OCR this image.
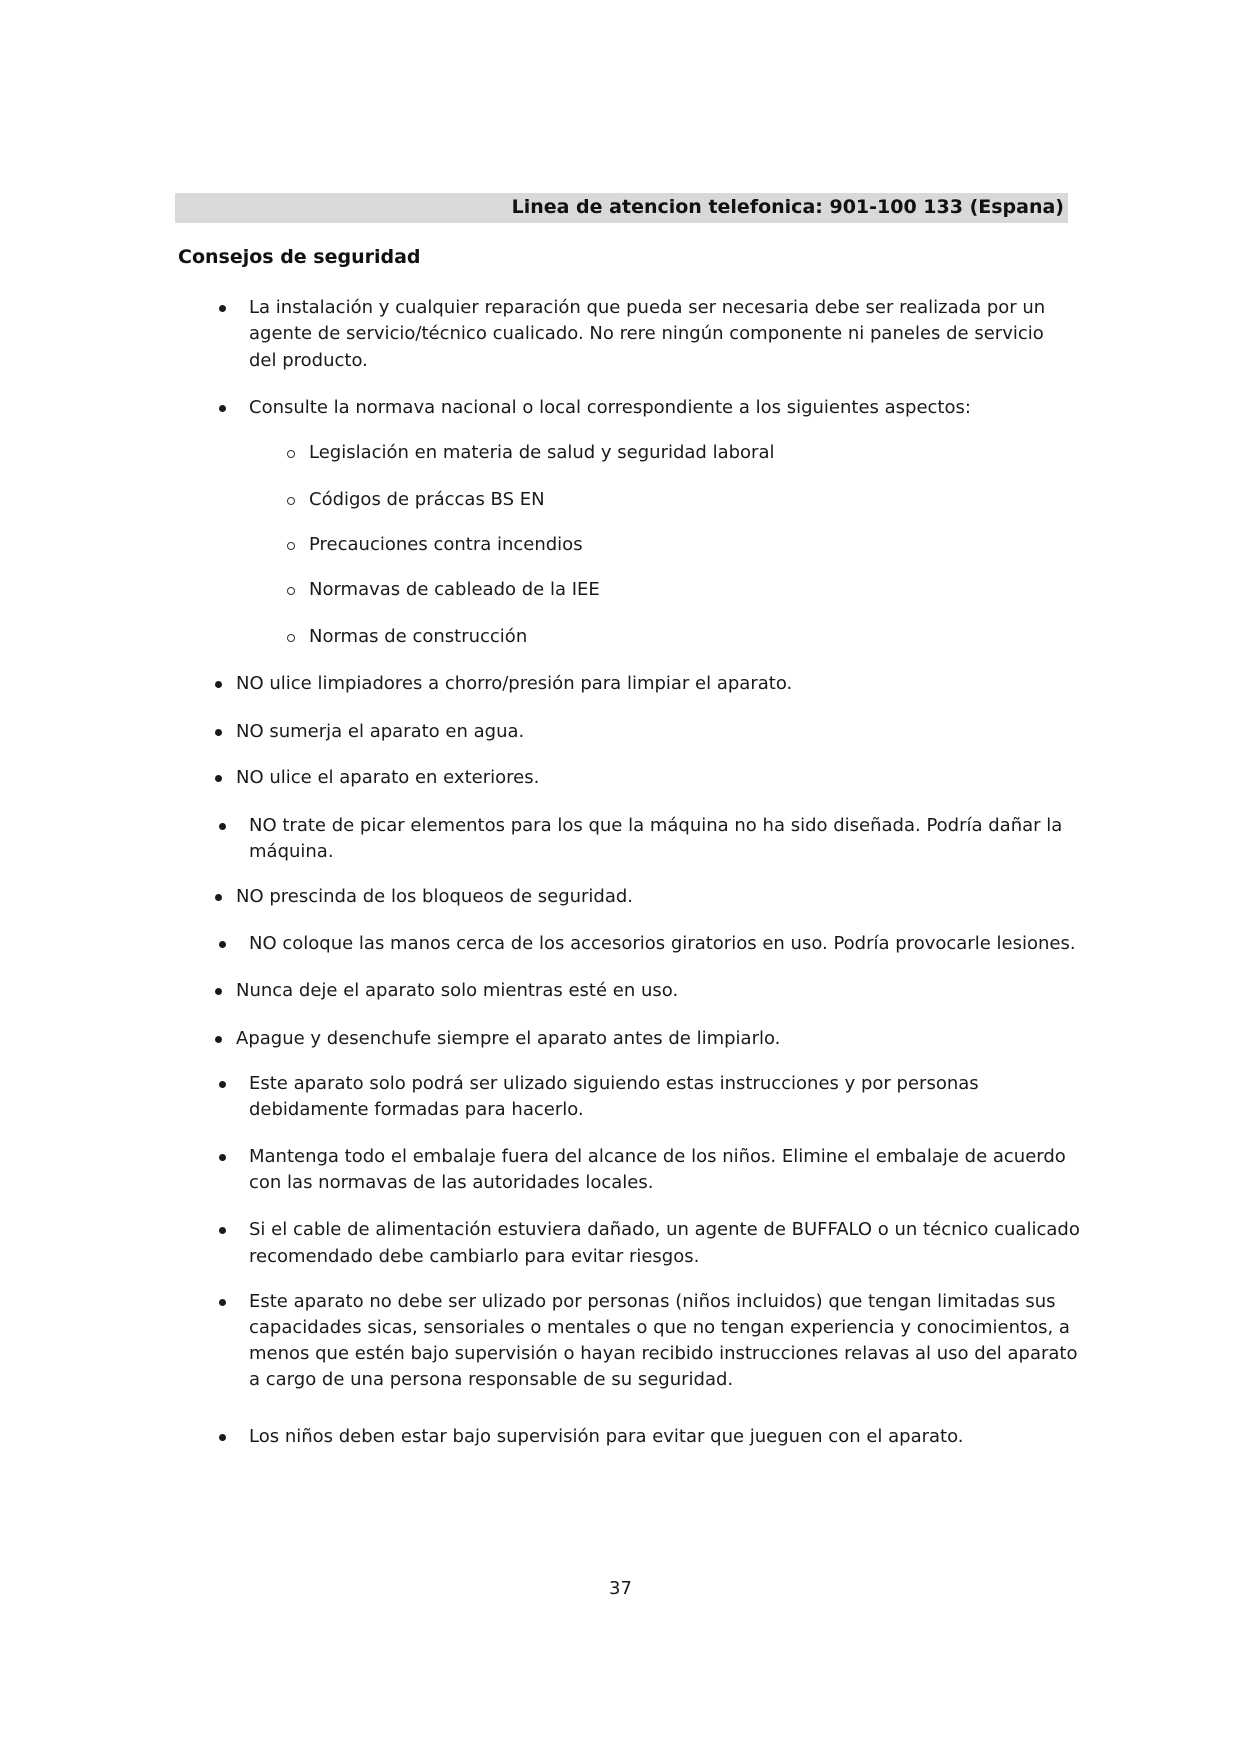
Linea de atencion telefonica: 901-100 133 (Espana)
Consejos de seguridad
La instalación y cualquier reparación que pueda ser necesaria debe ser realizada por un
agente de servicio/técnico cualicado. No rere ningún componente ni paneles de servicio
del producto.
Consulte la normava nacional o local correspondiente a los siguientes aspectos:
Legislación en materia de salud y seguridad laboral
Códigos de práccas BS EN
Precauciones contra incendios
Normavas de cableado de la IEE
Normas de construcción
NO ulice limpiadores a chorro/presión para limpiar el aparato.
NO sumerja el aparato en agua.
NO ulice el aparato en exteriores.
NO trate de picar elementos para los que la máquina no ha sido diseñada. Podría dañar la
máquina.
NO prescinda de los bloqueos de seguridad.
NO coloque las manos cerca de los accesorios giratorios en uso. Podría provocarle lesiones.
Nunca deje el aparato solo mientras esté en uso.
Apague y desenchufe siempre el aparato antes de limpiarlo.
Este aparato solo podrá ser ulizado siguiendo estas instrucciones y por personas
debidamente formadas para hacerlo.
Mantenga todo el embalaje fuera del alcance de los niños. Elimine el embalaje de acuerdo
con las normavas de las autoridades locales.
Si el cable de alimentación estuviera dañado, un agente de BUFFALO o un técnico cualicado
recomendado debe cambiarlo para evitar riesgos.
Este aparato no debe ser ulizado por personas (niños incluidos) que tengan limitadas sus
capacidades sicas, sensoriales o mentales o que no tengan experiencia y conocimientos, a
menos que estén bajo supervisión o hayan recibido instrucciones relavas al uso del aparato
a cargo de una persona responsable de su seguridad.
Los niños deben estar bajo supervisión para evitar que jueguen con el aparato.
37
